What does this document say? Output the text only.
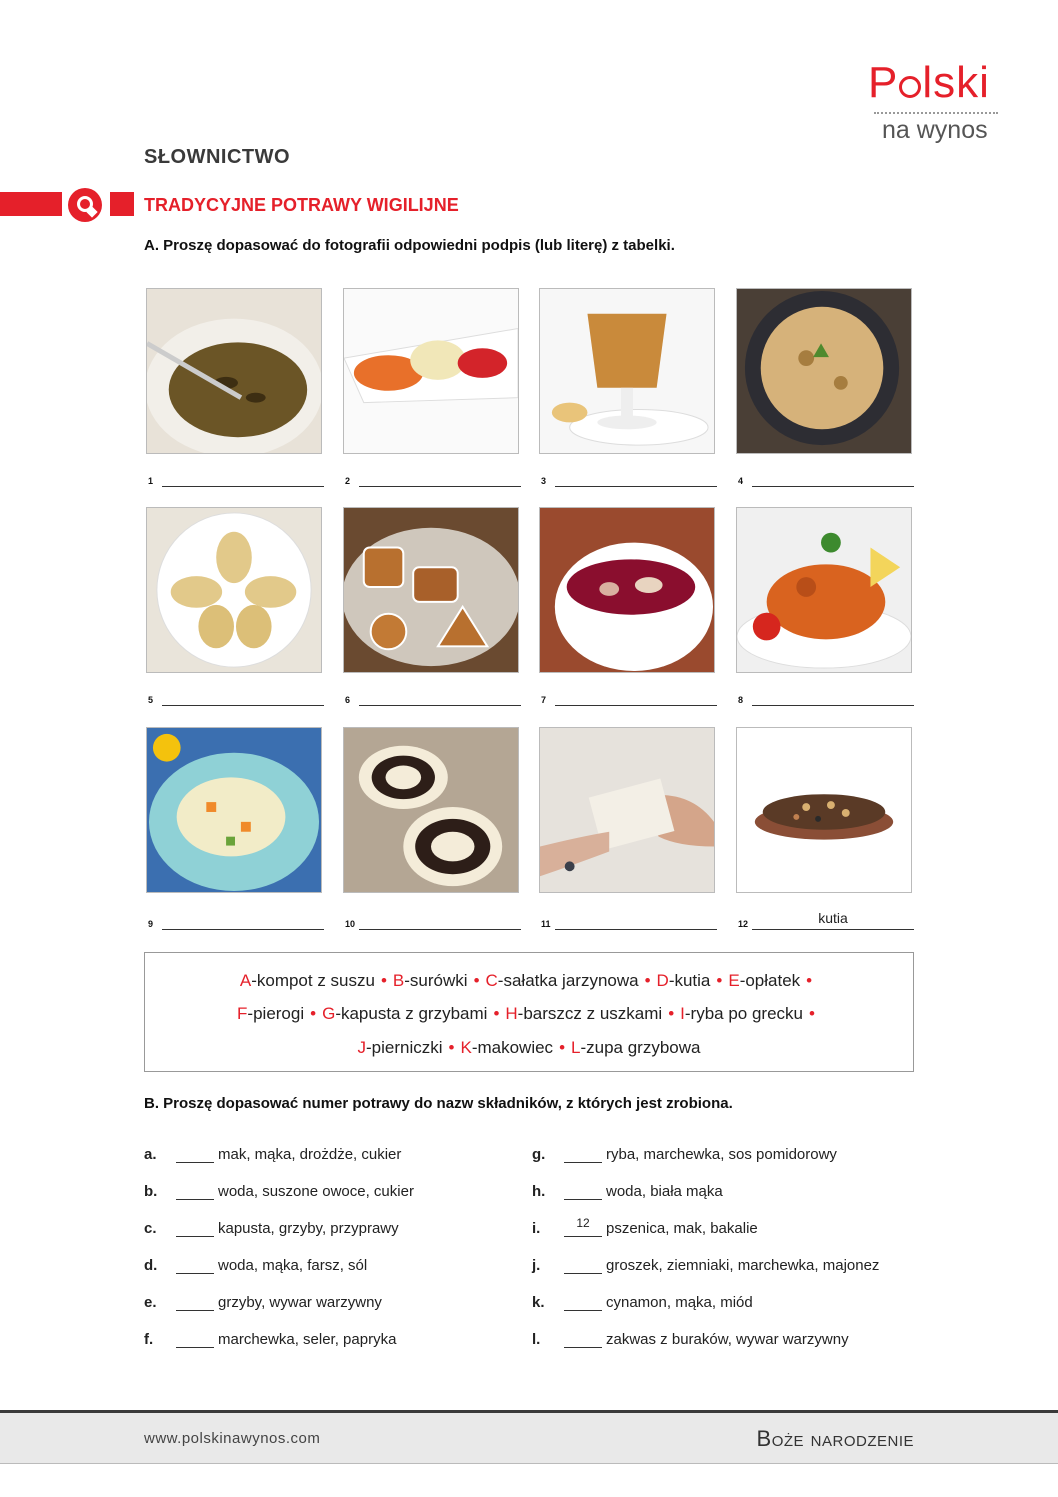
P lski
na wynos
SŁOWNICTWO
TRADYCYJNE POTRAWY WIGILIJNE
A. Proszę dopasować do fotografii odpowiedni podpis (lub literę) z tabelki.
1	2	3	4
5	6	7	8
9	10	11	12	kutia
A-kompot z suszu • B-surówki • C-sałatka jarzynowa • D-kutia • E-opłatek •
F-pierogi • G-kapusta z grzybami • H-barszcz z uszkami • I-ryba po grecku •
J-pierniczki • K-makowiec • L-zupa grzybowa
B. Proszę dopasować numer potrawy do nazw składników, z których jest zrobiona.
a.	mak, mąka, drożdże, cukier
b.	woda, suszone owoce, cukier
c.	kapusta, grzyby, przyprawy
d.	woda, mąka, farsz, sól
e.	grzyby, wywar warzywny
f.	marchewka, seler, papryka
g.	ryba, marchewka, sos pomidorowy
h.	woda, biała mąka
i.	12	pszenica, mak, bakalie
j.	groszek, ziemniaki, marchewka, majonez
k.	cynamon, mąka, miód
l.	zakwas z buraków, wywar warzywny
www.polskinawynos.com	Boże narodzenie
